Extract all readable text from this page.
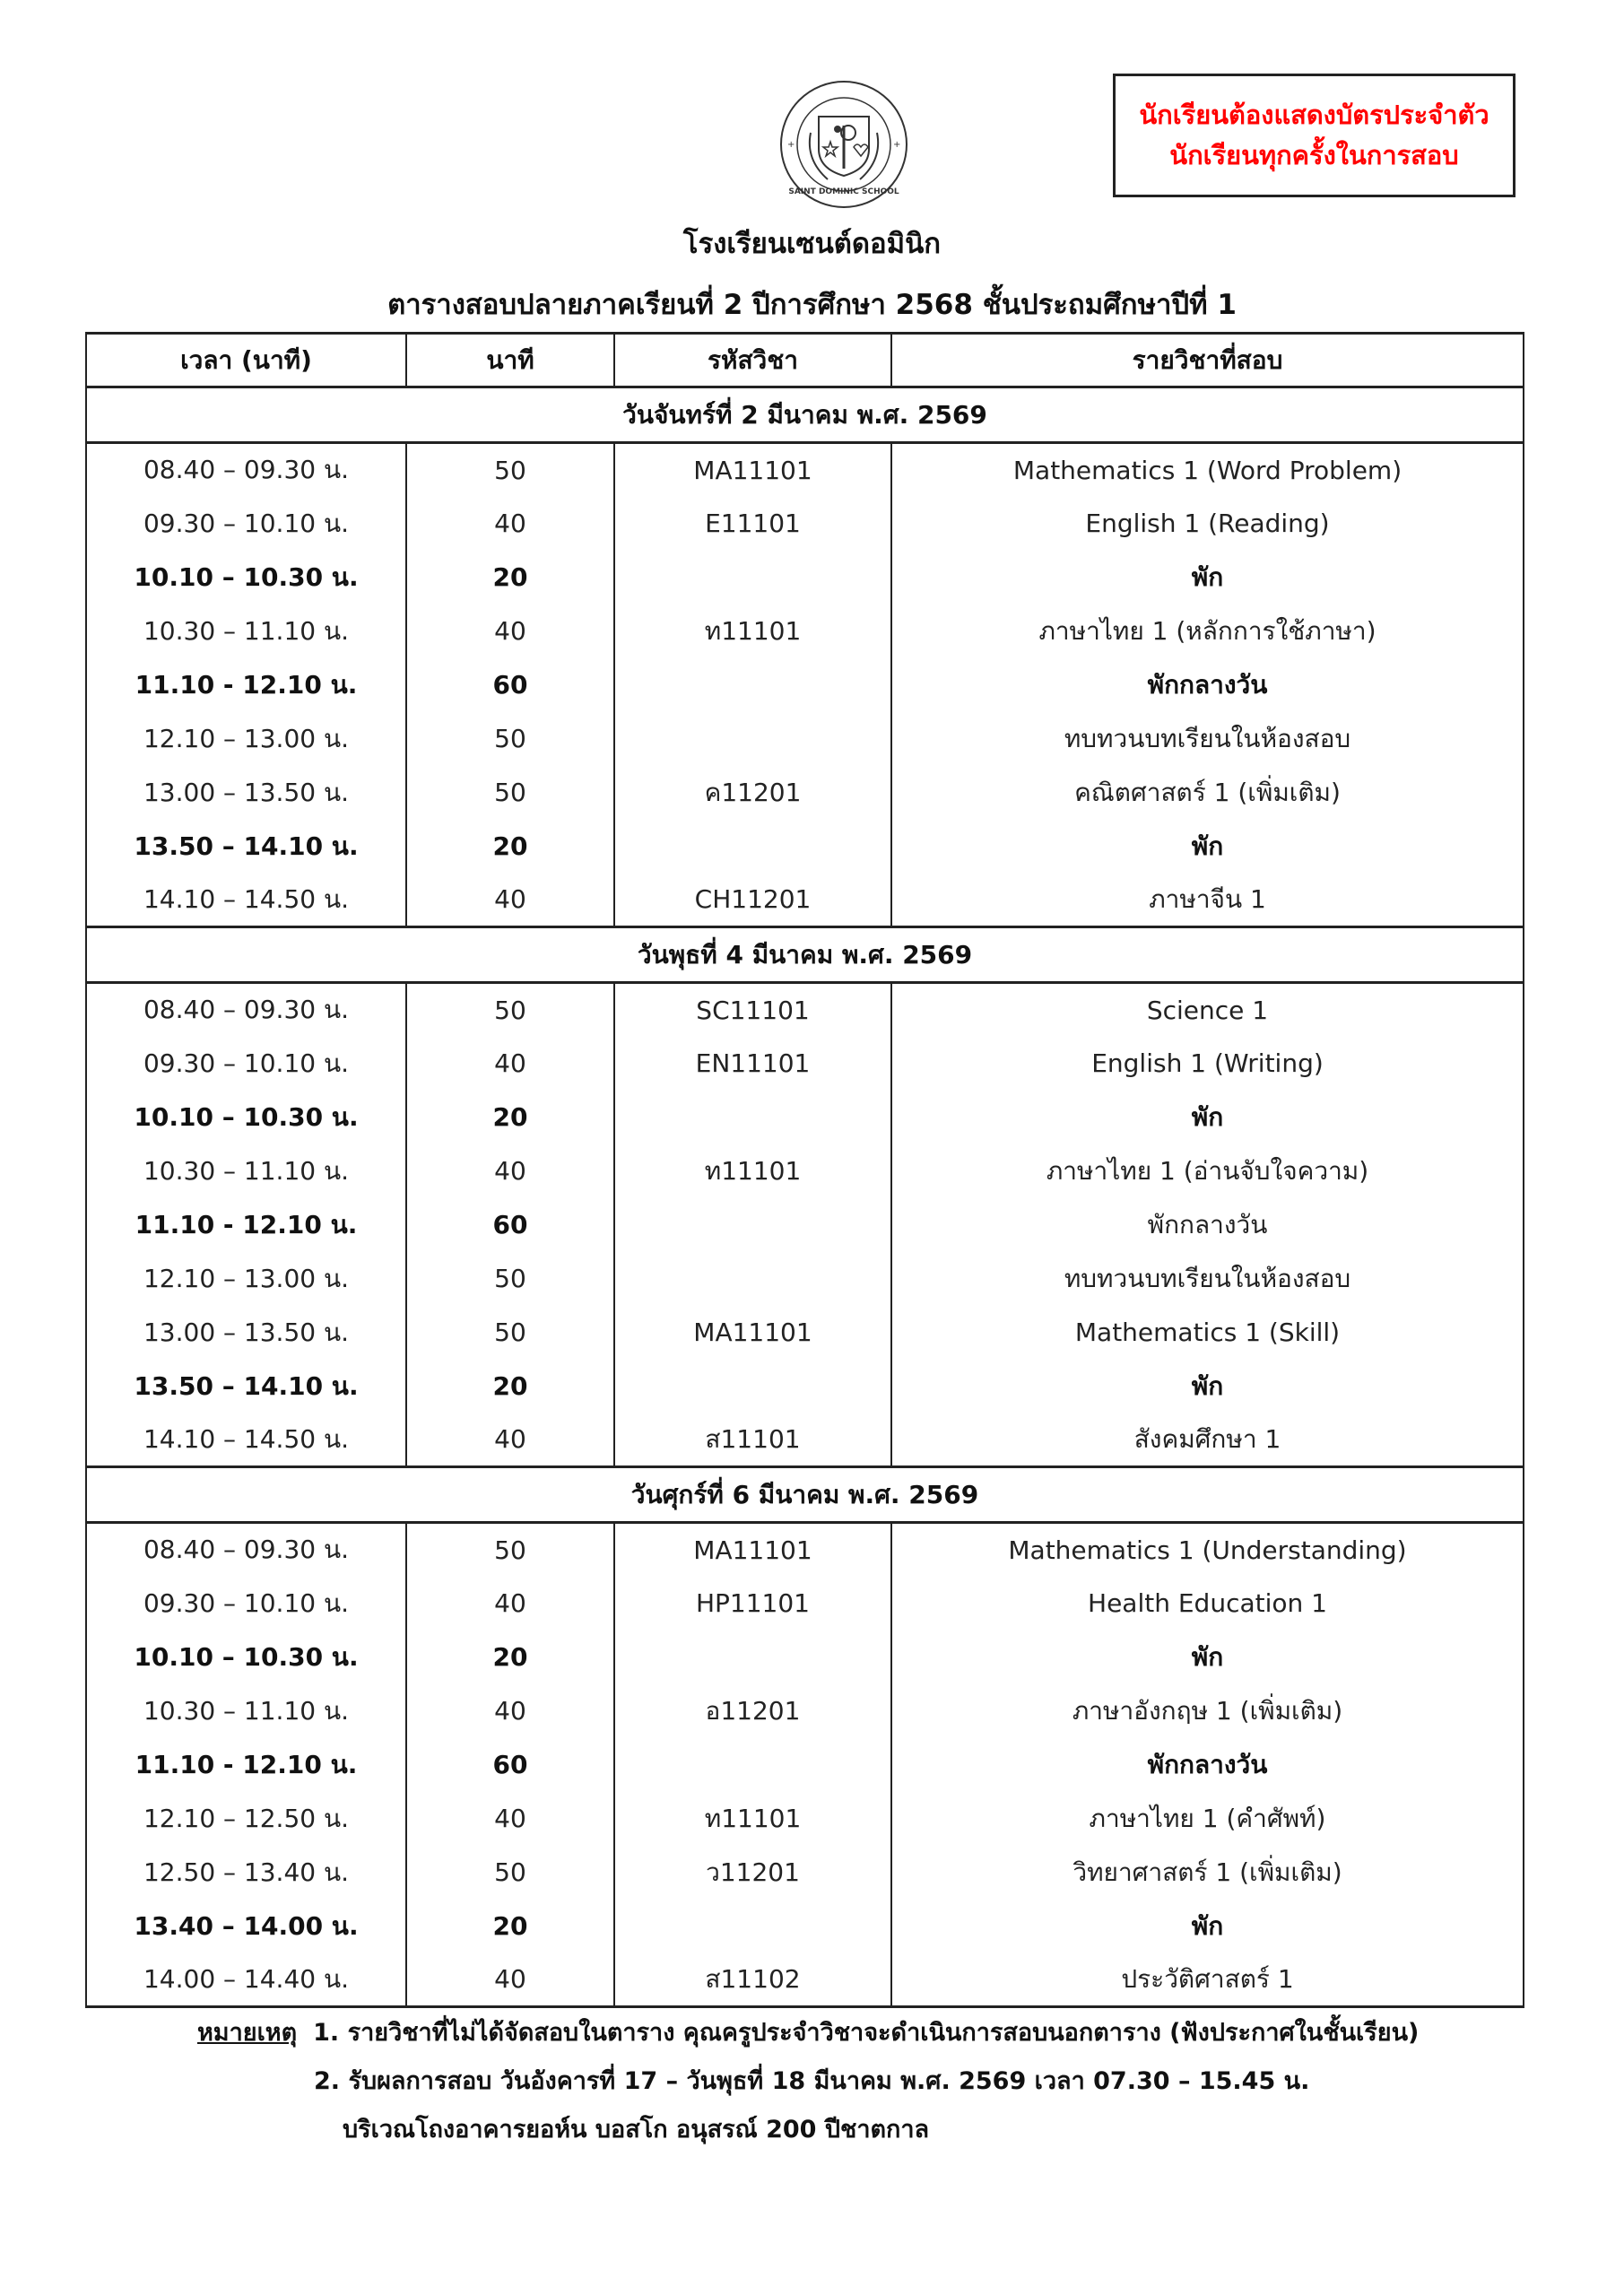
SAINT DOMINIC SCHOOL
+	+
นักเรียนต้องแสดงบัตรประจำตัว
นักเรียนทุกครั้งในการสอบ
โรงเรียนเซนต์ดอมินิก
ตารางสอบปลายภาคเรียนที่ 2 ปีการศึกษา 2568 ชั้นประถมศึกษาปีที่ 1
เวลา (นาที)	นาที	รหัสวิชา	รายวิชาที่สอบ
วันจันทร์ที่ 2 มีนาคม พ.ศ. 2569			
08.40 – 09.30 น.	50	MA11101	Mathematics 1 (Word Problem)
09.30 – 10.10 น.	40	E11101	English 1 (Reading)
10.10 – 10.30 น.	20		พัก
10.30 – 11.10 น.	40	ท11101	ภาษาไทย 1 (หลักการใช้ภาษา)
11.10 - 12.10 น.	60		พักกลางวัน
12.10 – 13.00 น.	50		ทบทวนบทเรียนในห้องสอบ
13.00 – 13.50 น.	50	ค11201	คณิตศาสตร์ 1 (เพิ่มเติม)
13.50 – 14.10 น.	20		พัก
14.10 – 14.50 น.	40	CH11201	ภาษาจีน 1
วันพุธที่ 4 มีนาคม พ.ศ. 2569			
08.40 – 09.30 น.	50	SC11101	Science 1
09.30 – 10.10 น.	40	EN11101	English 1 (Writing)
10.10 – 10.30 น.	20		พัก
10.30 – 11.10 น.	40	ท11101	ภาษาไทย 1 (อ่านจับใจความ)
11.10 - 12.10 น.	60		พักกลางวัน
12.10 – 13.00 น.	50		ทบทวนบทเรียนในห้องสอบ
13.00 – 13.50 น.	50	MA11101	Mathematics 1 (Skill)
13.50 – 14.10 น.	20		พัก
14.10 – 14.50 น.	40	ส11101	สังคมศึกษา 1
วันศุกร์ที่ 6 มีนาคม พ.ศ. 2569			
08.40 – 09.30 น.	50	MA11101	Mathematics 1 (Understanding)
09.30 – 10.10 น.	40	HP11101	Health Education 1
10.10 – 10.30 น.	20		พัก
10.30 – 11.10 น.	40	อ11201	ภาษาอังกฤษ 1 (เพิ่มเติม)
11.10 - 12.10 น.	60		พักกลางวัน
12.10 – 12.50 น.	40	ท11101	ภาษาไทย 1 (คำศัพท์)
12.50 – 13.40 น.	50	ว11201	วิทยาศาสตร์ 1 (เพิ่มเติม)
13.40 – 14.00 น.	20		พัก
14.00 – 14.40 น.	40	ส11102	ประวัติศาสตร์ 1
หมายเหตุ 1. รายวิชาที่ไม่ได้จัดสอบในตาราง คุณครูประจำวิชาจะดำเนินการสอบนอกตาราง (ฟังประกาศในชั้นเรียน)
2. รับผลการสอบ วันอังคารที่ 17 – วันพุธที่ 18 มีนาคม พ.ศ. 2569 เวลา 07.30 – 15.45 น.
บริเวณโถงอาคารยอห์น บอสโก อนุสรณ์ 200 ปีชาตกาล
